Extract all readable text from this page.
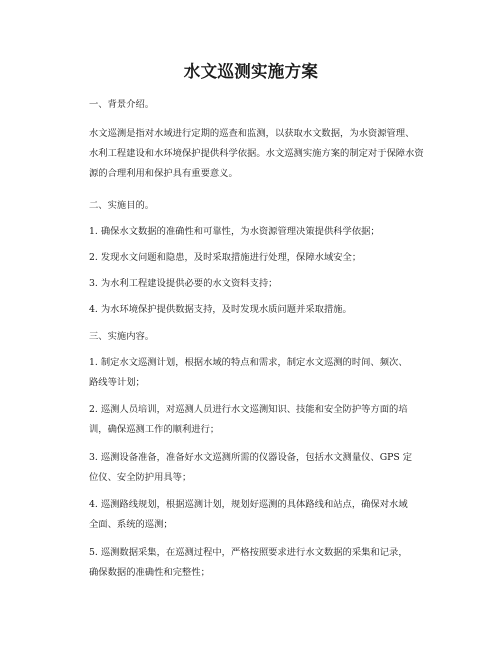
水文巡测实施方案
一、背景介绍。
水文巡测是指对水域进行定期的巡查和监测，以获取水文数据，为水资源管理、
水利工程建设和水环境保护提供科学依据。水文巡测实施方案的制定对于保障水资
源的合理利用和保护具有重要意义。
二、实施目的。
1. 确保水文数据的准确性和可靠性，为水资源管理决策提供科学依据；
2. 发现水文问题和隐患，及时采取措施进行处理，保障水域安全；
3. 为水利工程建设提供必要的水文资料支持；
4. 为水环境保护提供数据支持，及时发现水质问题并采取措施。
三、实施内容。
1. 制定水文巡测计划，根据水域的特点和需求，制定水文巡测的时间、频次、
路线等计划；
2. 巡测人员培训，对巡测人员进行水文巡测知识、技能和安全防护等方面的培
训，确保巡测工作的顺利进行；
3. 巡测设备准备，准备好水文巡测所需的仪器设备，包括水文测量仪、GPS 定
位仪、安全防护用具等；
4. 巡测路线规划，根据巡测计划，规划好巡测的具体路线和站点，确保对水域
全面、系统的巡测；
5. 巡测数据采集，在巡测过程中，严格按照要求进行水文数据的采集和记录，
确保数据的准确性和完整性；
